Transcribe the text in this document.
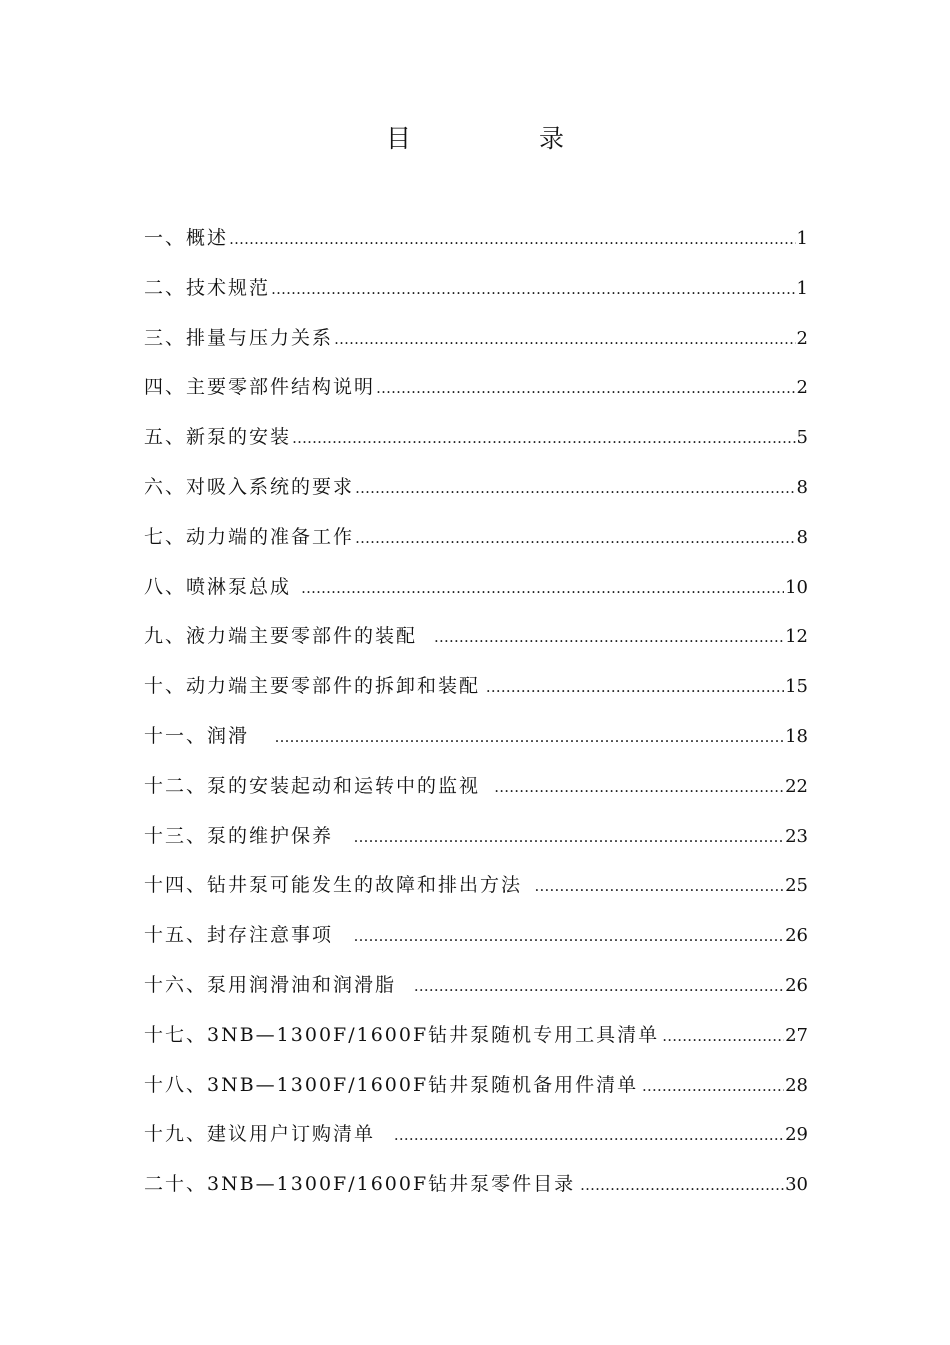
目 录
一、概述 ……………………………………………………………………………………………………………………………………	1
二、技术规范 ……………………………………………………………………………………………………………………………………	1
三、排量与压力关系 ……………………………………………………………………………………………………………………………………	2
四、主要零部件结构说明 ……………………………………………………………………………………………………………………………………	2
五、新泵的安装 ……………………………………………………………………………………………………………………………………	5
六、对吸入系统的要求 ……………………………………………………………………………………………………………………………………	8
七、动力端的准备工作 ……………………………………………………………………………………………………………………………………	8
八、喷淋泵总成 ……………………………………………………………………………………………………………………………………	10
九、液力端主要零部件的装配 ……………………………………………………………………………………………………………………………………	12
十、动力端主要零部件的拆卸和装配 ……………………………………………………………………………………………………………………………………	15
十一、润滑 ……………………………………………………………………………………………………………………………………	18
十二、泵的安装起动和运转中的监视 ……………………………………………………………………………………………………………………………………	22
十三、泵的维护保养 ……………………………………………………………………………………………………………………………………	23
十四、钻井泵可能发生的故障和排出方法 ……………………………………………………………………………………………………………………………………	25
十五、封存注意事项 ……………………………………………………………………………………………………………………………………	26
十六、泵用润滑油和润滑脂 ……………………………………………………………………………………………………………………………………	26
十七、3NB—1300F/1600F钻井泵随机专用工具清单 ……………………………………………………………………………………………………………………………………	27
十八、3NB—1300F/1600F钻井泵随机备用件清单 ……………………………………………………………………………………………………………………………………	28
十九、建议用户订购清单 ……………………………………………………………………………………………………………………………………	29
二十、3NB—1300F/1600F钻井泵零件目录 ……………………………………………………………………………………………………………………………………	30
